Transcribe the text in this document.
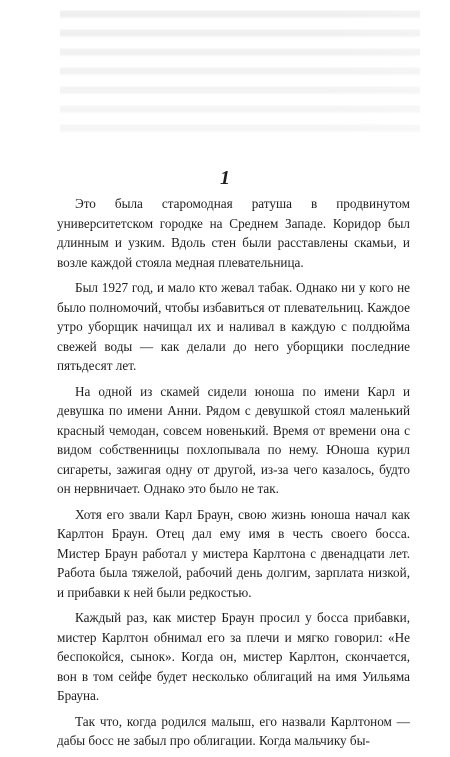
1

Это была старомодная ратуша в продвинутом университетском городке на Среднем Западе. Коридор был длинным и узким. Вдоль стен были расставлены скамьи, и возле каждой стояла медная плевательница.

Был 1927 год, и мало кто жевал табак. Однако ни у кого не было полномочий, чтобы избавиться от плевательниц. Каждое утро уборщик начищал их и наливал в каждую с полдюйма свежей воды — как делали до него уборщики последние пятьдесят лет.

На одной из скамей сидели юноша по имени Карл и девушка по имени Анни. Рядом с девушкой стоял маленький красный чемодан, совсем новенький. Время от времени она с видом собственницы похлопывала по нему. Юноша курил сигареты, зажигая одну от другой, из-за чего казалось, будто он нервничает. Однако это было не так.

Хотя его звали Карл Браун, свою жизнь юноша начал как Карлтон Браун. Отец дал ему имя в честь своего босса. Мистер Браун работал у мистера Карлтона с двенадцати лет. Работа была тяжелой, рабочий день долгим, зарплата низкой, и прибавки к ней были редкостью.

Каждый раз, как мистер Браун просил у босса прибавки, мистер Карлтон обнимал его за плечи и мягко говорил: «Не беспокойся, сынок». Когда он, мистер Карлтон, скончается, вон в том сейфе будет несколько облигаций на имя Уильяма Брауна.

Так что, когда родился малыш, его назвали Карлтоном — дабы босс не забыл про облигации. Когда мальчику бы-
